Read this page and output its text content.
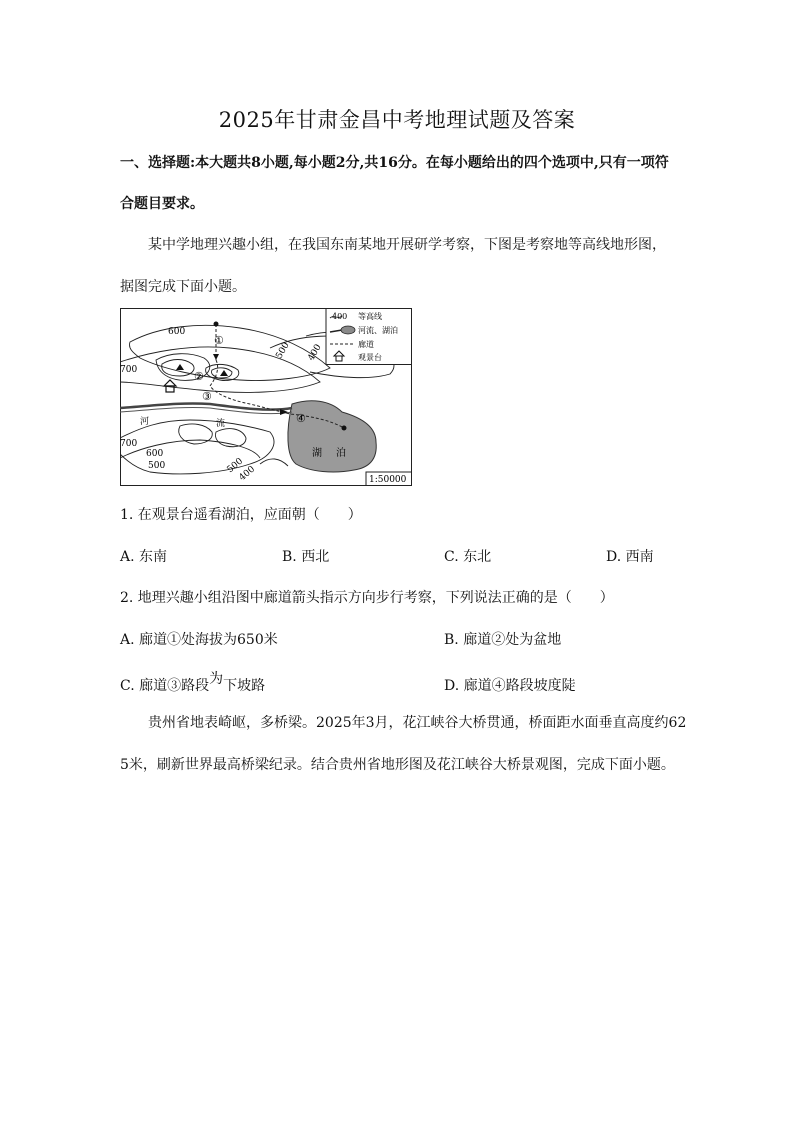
2025年甘肃金昌中考地理试题及答案
一、选择题:本大题共8小题,每小题2分,共16分。在每小题给出的四个选项中,只有一项符
合题目要求。
某中学地理兴趣小组，在我国东南某地开展研学考察，下图是考察地等高线地形图，
据图完成下面小题。
600
700
500 400
700
600
500	500
400
①
②
③
④
河	流
湖 泊
400 等高线
河流、湖泊
廊道
观景台
1:50000
1. 在观景台遥看湖泊，应面朝（　　）
A. 东南	B. 西北	C. 东北	D. 西南
2. 地理兴趣小组沿图中廊道箭头指示方向步行考察，下列说法正确的是（　　）
A. 廊道①处海拔为650米	B. 廊道②处为盆地
C. 廊道③路段为下坡路	D. 廊道④路段坡度陡
贵州省地表崎岖，多桥梁。2025年3月，花江峡谷大桥贯通，桥面距水面垂直高度约62
5米，刷新世界最高桥梁纪录。结合贵州省地形图及花江峡谷大桥景观图，完成下面小题。
